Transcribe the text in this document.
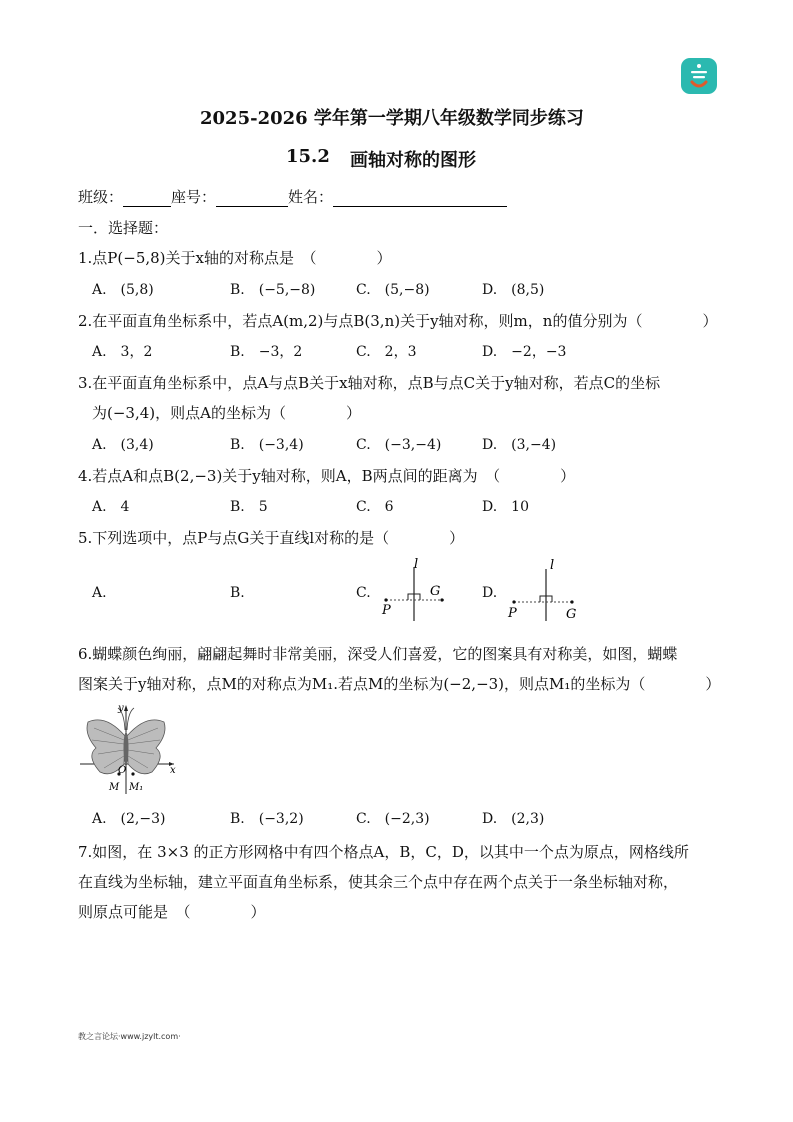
2025-2026 学年第一学期八年级数学同步练习
15.2 画轴对称的图形
班级：	座号：	姓名：
一．选择题：
1.点P(−5,8)关于x轴的对称点是　（　　　　）
A.　(5,8)	B.　(−5,−8)	C.　(5,−8)	D.　(8,5)
2.在平面直角坐标系中，若点A(m,2)与点B(3,n)关于y轴对称，则m，n的值分别为（　　　　）
A.　3，2	B.　−3，2	C.　2，3	D.　−2，−3
3.在平面直角坐标系中，点A与点B关于x轴对称，点B与点C关于y轴对称，若点C的坐标
为(−3,4)，则点A的坐标为（　　　　）
A.　(3,4)	B.　(−3,4)	C.　(−3,−4)	D.　(3,−4)
4.若点A和点B(2,−3)关于y轴对称，则A，B两点间的距离为　（　　　　）
A.　4	B.　5	C.　6	D.　10
5.下列选项中，点P与点G关于直线l对称的是（　　　　）
A.	B.	C.	D.
l
G
P
l
P	G
6.蝴蝶颜色绚丽，翩翩起舞时非常美丽，深受人们喜爱，它的图案具有对称美，如图，蝴蝶
图案关于y轴对称，点M的对称点为M₁.若点M的坐标为(−2,−3)，则点M₁的坐标为（　　　　）
y
x
O
M M₁
A.　(2,−3)	B.　(−3,2)	C.　(−2,3)	D.　(2,3)
7.如图，在 3×3 的正方形网格中有四个格点A，B，C，D，以其中一个点为原点，网格线所
在直线为坐标轴，建立平面直角坐标系，使其余三个点中存在两个点关于一条坐标轴对称，
则原点可能是　（　　　　）
教之言论坛·www.jzylt.com·
